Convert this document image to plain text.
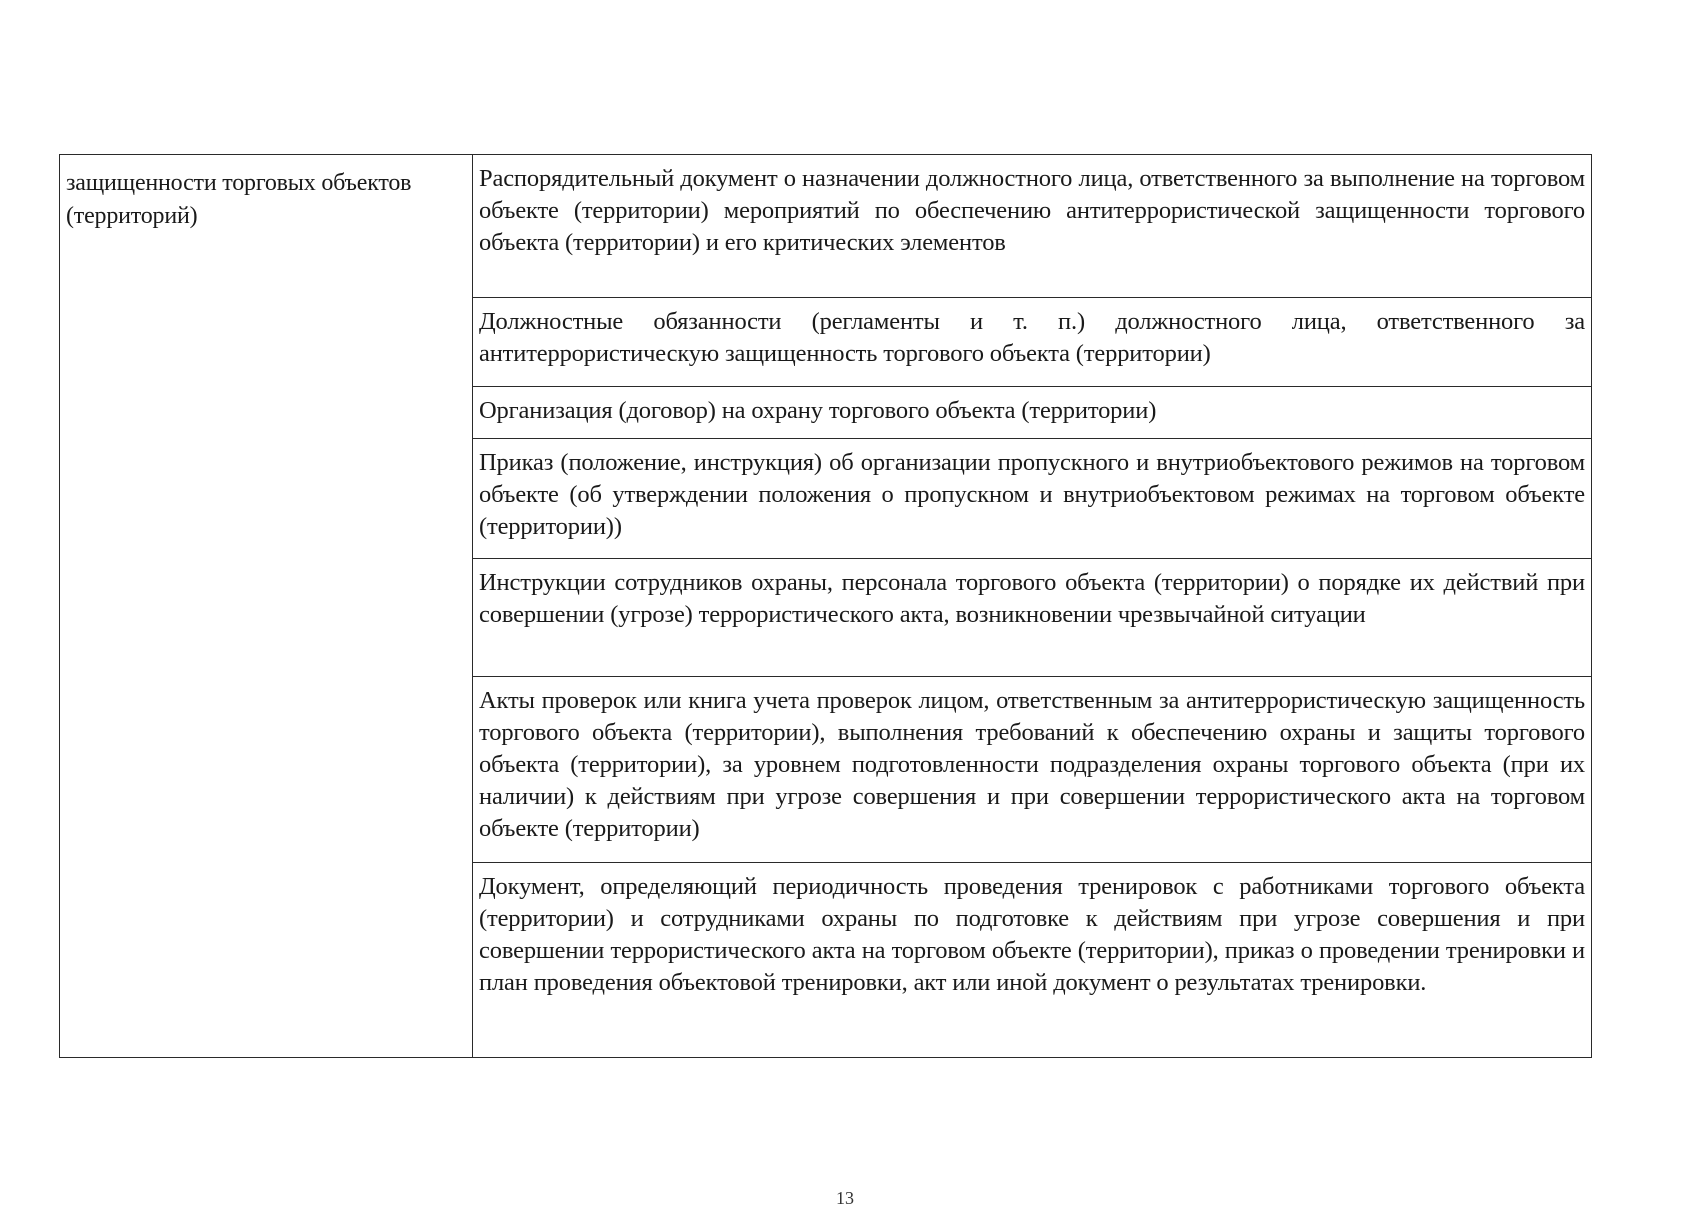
защищенности торговых объектов (территорий)
Распорядительный документ о назначении должностного лица, ответственного за выполнение на торговом объекте (территории) мероприятий по обеспечению антитеррористической защищенности торгового объекта (территории) и его критических элементов
Должностные обязанности (регламенты и т. п.) должностного лица, ответственного за антитеррористическую защищенность торгового объекта (территории)
Организация (договор) на охрану торгового объекта (территории)
Приказ (положение, инструкция) об организации пропускного и внутриобъектового режимов на торговом объекте (об утверждении положения о пропускном и внутриобъектовом режимах на торговом объекте (территории))
Инструкции сотрудников охраны, персонала торгового объекта (территории) о порядке их действий при совершении (угрозе) террористического акта, возникновении чрезвычайной ситуации
Акты проверок или книга учета проверок лицом, ответственным за антитеррористическую защищенность торгового объекта (территории), выполнения требований к обеспечению охраны и защиты торгового объекта (территории), за уровнем подготовленности подразделения охраны торгового объекта (при их наличии) к действиям при угрозе совершения и при совершении террористического акта на торговом объекте (территории)
Документ, определяющий периодичность проведения тренировок с работниками торгового объекта (территории) и сотрудниками охраны по подготовке к действиям при угрозе совершения и при совершении террористического акта на торговом объекте (территории), приказ о проведении тренировки и план проведения объектовой тренировки, акт или иной документ о результатах тренировки.
13
